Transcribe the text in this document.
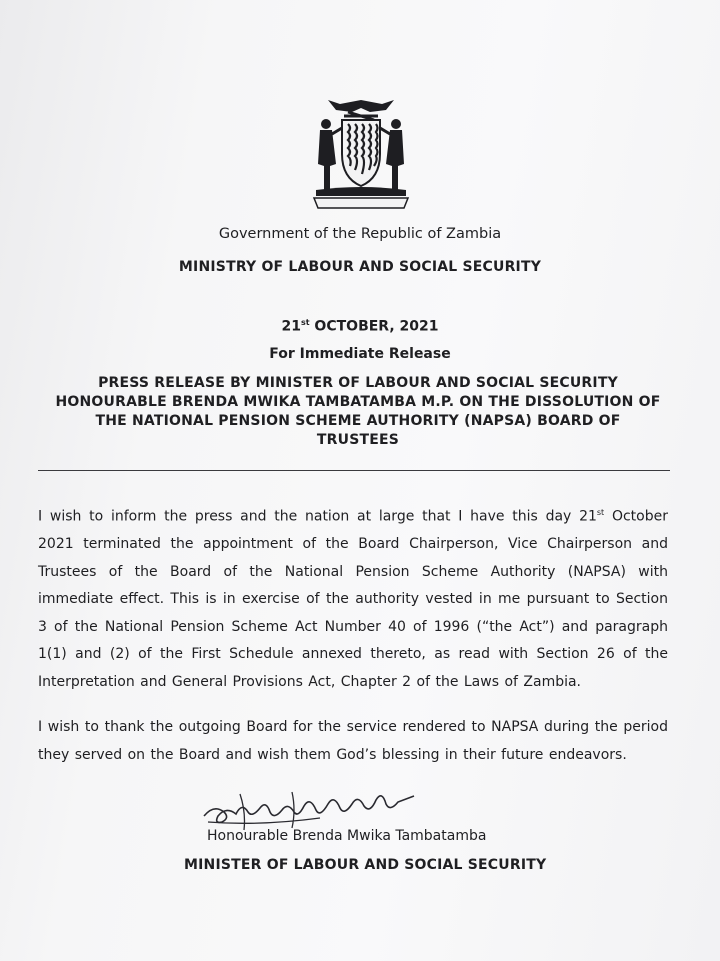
Government of the Republic of Zambia
MINISTRY OF LABOUR AND SOCIAL SECURITY
21st OCTOBER, 2021
For Immediate Release
PRESS RELEASE BY MINISTER OF LABOUR AND SOCIAL SECURITY HONOURABLE BRENDA MWIKA TAMBATAMBA M.P. ON THE DISSOLUTION OF THE NATIONAL PENSION SCHEME AUTHORITY (NAPSA) BOARD OF TRUSTEES
I wish to inform the press and the nation at large that I have this day 21st October 2021 terminated the appointment of the Board Chairperson, Vice Chairperson and Trustees of the Board of the National Pension Scheme Authority (NAPSA) with immediate effect. This is in exercise of the authority vested in me pursuant to Section 3 of the National Pension Scheme Act Number 40 of 1996 (“the Act”) and paragraph 1(1) and (2) of the First Schedule annexed thereto, as read with Section 26 of the Interpretation and General Provisions Act, Chapter 2 of the Laws of Zambia.
I wish to thank the outgoing Board for the service rendered to NAPSA during the period they served on the Board and wish them God’s blessing in their future endeavors.
Honourable Brenda Mwika Tambatamba
MINISTER OF LABOUR AND SOCIAL SECURITY
